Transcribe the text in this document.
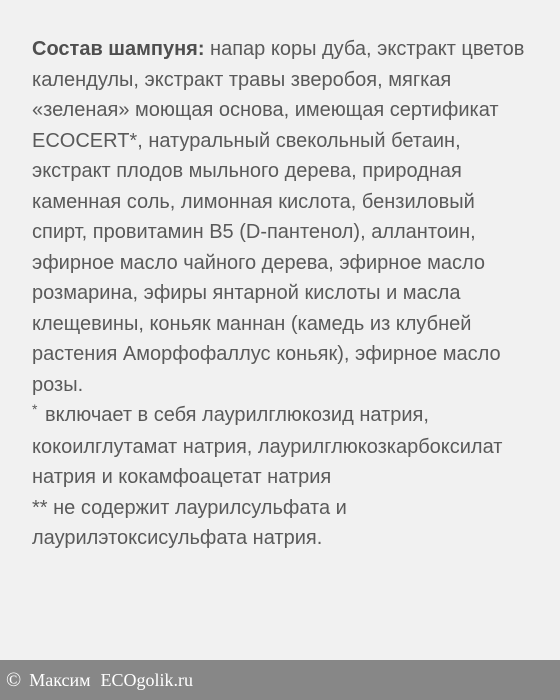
Состав шампуня: напар коры дуба, экстракт цветов календулы, экстракт травы зверобоя, мягкая «зеленая» моющая основа, имеющая сертификат ECOCERT*, натуральный свекольный бетаин, экстракт плодов мыльного дерева, природная каменная соль, лимонная кислота, бензиловый спирт, провитамин B5 (D-пантенол), аллантоин, эфирное масло чайного дерева, эфирное масло розмарина, эфиры янтарной кислоты и масла клещевины, коньяк маннан (камедь из клубней растения Аморфофаллус коньяк), эфирное масло розы.

* включает в себя лаурилглюкозид натрия, кокоилглутамат натрия, лаурилглюкозкарбоксилат натрия и кокамфоацетат натрия

** не содержит лаурилсульфата и лаурилэтоксисульфата натрия.

© Максим ECOgolik.ru
